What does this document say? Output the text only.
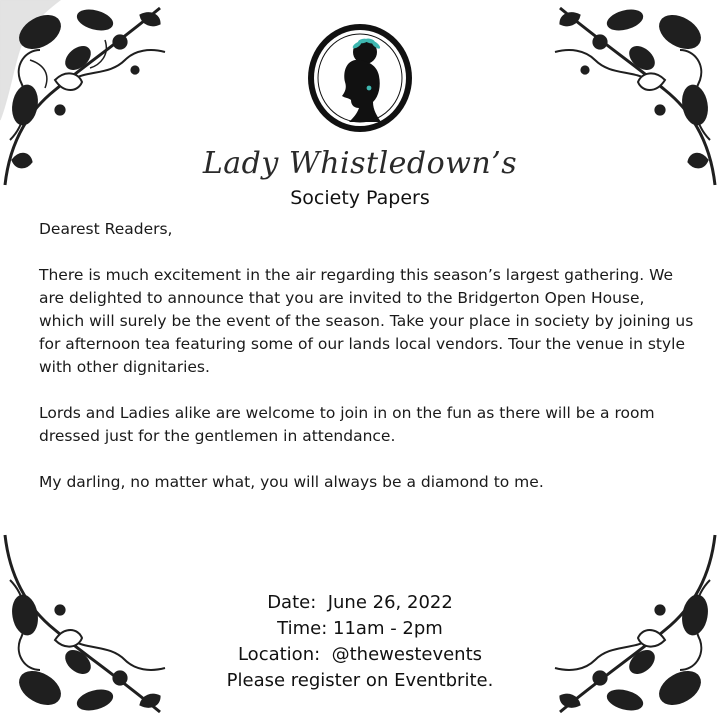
Lady Whistledown’s
Society Papers

Dearest Readers,

There is much excitement in the air regarding this season’s largest gathering. We are delighted to announce that you are invited to the Bridgerton Open House, which will surely be the event of the season. Take your place in society by joining us for afternoon tea featuring some of our lands local vendors. Tour the venue in style with other dignitaries.

Lords and Ladies alike are welcome to join in on the fun as there will be a room dressed just for the gentlemen in attendance.

My darling, no matter what, you will always be a diamond to me.

Date:  June 26, 2022
Time: 11am - 2pm
Location:  @thewestevents
Please register on Eventbrite.
